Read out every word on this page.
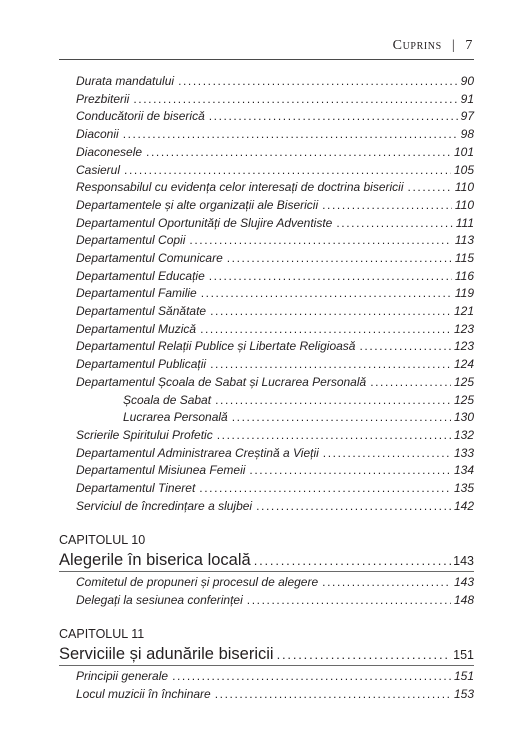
Cuprins | 7
Durata mandatului .....	90
Prezbiterii .....	91
Conducătorii de biserică .....	97
Diaconii .....	98
Diaconesele .....	101
Casierul .....	105
Responsabilul cu evidența celor interesați de doctrina bisericii .....	110
Departamentele și alte organizații ale Bisericii .....	110
Departamentul Oportunități de Slujire Adventiste .....	111
Departamentul Copii .....	113
Departamentul Comunicare .....	115
Departamentul Educație .....	116
Departamentul Familie .....	119
Departamentul Sănătate .....	121
Departamentul Muzică .....	123
Departamentul Relații Publice și Libertate Religioasă .....	123
Departamentul Publicații .....	124
Departamentul Școala de Sabat și Lucrarea Personală .....	125
Școala de Sabat .....	125
Lucrarea Personală .....	130
Scrierile Spiritului Profetic .....	132
Departamentul Administrarea Creștină a Vieții .....	133
Departamentul Misiunea Femeii .....	134
Departamentul Tineret .....	135
Serviciul de încredințare a slujbei .....	142
CAPITOLUL 10
Alegerile în biserica locală .....	143
Comitetul de propuneri și procesul de alegere .....	143
Delegați la sesiunea conferinței .....	148
CAPITOLUL 11
Serviciile și adunările bisericii .....	151
Principii generale .....	151
Locul muzicii în închinare .....	153
